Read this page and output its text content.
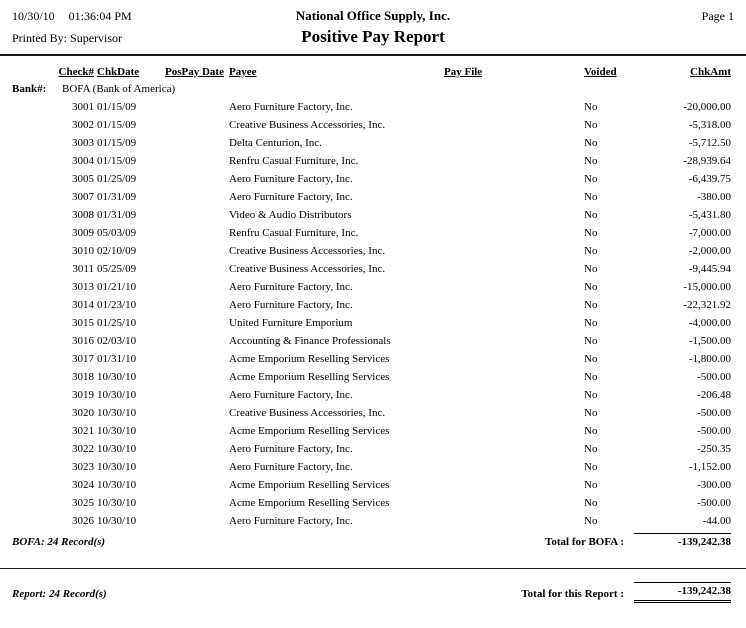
10/30/10 01:36:04 PM	National Office Supply, Inc.	Page 1
Printed By: Supervisor	Positive Pay Report
Check# ChkDate	PosPay Date Payee	Pay File	Voided	ChkAmt
Bank#: BOFA (Bank of America)
3001 01/15/09	Aero Furniture Factory, Inc.	No	-20,000.00
3002 01/15/09	Creative Business Accessories, Inc.	No	-5,318.00
3003 01/15/09	Delta Centurion, Inc.	No	-5,712.50
3004 01/15/09	Renfru Casual Furniture, Inc.	No	-28,939.64
3005 01/25/09	Aero Furniture Factory, Inc.	No	-6,439.75
3007 01/31/09	Aero Furniture Factory, Inc.	No	-380.00
3008 01/31/09	Video & Audio Distributors	No	-5,431.80
3009 05/03/09	Renfru Casual Furniture, Inc.	No	-7,000.00
3010 02/10/09	Creative Business Accessories, Inc.	No	-2,000.00
3011 05/25/09	Creative Business Accessories, Inc.	No	-9,445.94
3013 01/21/10	Aero Furniture Factory, Inc.	No	-15,000.00
3014 01/23/10	Aero Furniture Factory, Inc.	No	-22,321.92
3015 01/25/10	United Furniture Emporium	No	-4,000.00
3016 02/03/10	Accounting & Finance Professionals	No	-1,500.00
3017 01/31/10	Acme Emporium Reselling Services	No	-1,800.00
3018 10/30/10	Acme Emporium Reselling Services	No	-500.00
3019 10/30/10	Aero Furniture Factory, Inc.	No	-206.48
3020 10/30/10	Creative Business Accessories, Inc.	No	-500.00
3021 10/30/10	Acme Emporium Reselling Services	No	-500.00
3022 10/30/10	Aero Furniture Factory, Inc.	No	-250.35
3023 10/30/10	Aero Furniture Factory, Inc.	No	-1,152.00
3024 10/30/10	Acme Emporium Reselling Services	No	-300.00
3025 10/30/10	Acme Emporium Reselling Services	No	-500.00
3026 10/30/10	Aero Furniture Factory, Inc.	No	-44.00
BOFA: 24 Record(s)	Total for BOFA :	-139,242.38
Report: 24 Record(s)	Total for this Report :	-139,242.38
